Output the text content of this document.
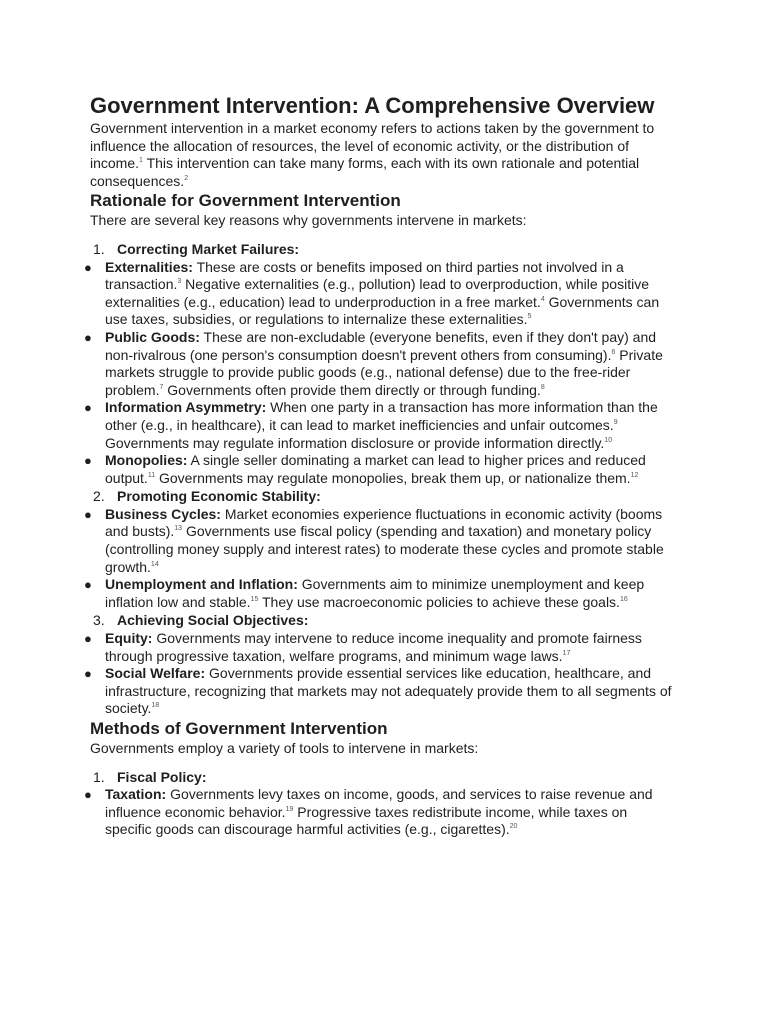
Government Intervention: A Comprehensive Overview

Government intervention in a market economy refers to actions taken by the government to influence the allocation of resources, the level of economic activity, or the distribution of income.$^1$ This intervention can take many forms, each with its own rationale and potential consequences.$^2$

Rationale for Government Intervention

There are several key reasons why governments intervene in markets:

1. Correcting Market Failures:
● Externalities: These are costs or benefits imposed on third parties not involved in a transaction.$^3$ Negative externalities (e.g., pollution) lead to overproduction, while positive externalities (e.g., education) lead to underproduction in a free market.$^4$ Governments can use taxes, subsidies, or regulations to internalize these externalities.$^5$
● Public Goods: These are non-excludable (everyone benefits, even if they don't pay) and non-rivalrous (one person's consumption doesn't prevent others from consuming).$^6$ Private markets struggle to provide public goods (e.g., national defense) due to the free-rider problem.$^7$ Governments often provide them directly or through funding.$^8$
● Information Asymmetry: When one party in a transaction has more information than the other (e.g., in healthcare), it can lead to market inefficiencies and unfair outcomes.$^9$ Governments may regulate information disclosure or provide information directly.$^{10}$
● Monopolies: A single seller dominating a market can lead to higher prices and reduced output.$^{11}$ Governments may regulate monopolies, break them up, or nationalize them.$^{12}$
2. Promoting Economic Stability:
● Business Cycles: Market economies experience fluctuations in economic activity (booms and busts).$^{13}$ Governments use fiscal policy (spending and taxation) and monetary policy (controlling money supply and interest rates) to moderate these cycles and promote stable growth.$^{14}$
● Unemployment and Inflation: Governments aim to minimize unemployment and keep inflation low and stable.$^{15}$ They use macroeconomic policies to achieve these goals.$^{16}$
3. Achieving Social Objectives:
● Equity: Governments may intervene to reduce income inequality and promote fairness through progressive taxation, welfare programs, and minimum wage laws.$^{17}$
● Social Welfare: Governments provide essential services like education, healthcare, and infrastructure, recognizing that markets may not adequately provide them to all segments of society.$^{18}$
Methods of Government Intervention

Governments employ a variety of tools to intervene in markets:

1. Fiscal Policy:
● Taxation: Governments levy taxes on income, goods, and services to raise revenue and influence economic behavior.$^{19}$ Progressive taxes redistribute income, while taxes on specific goods can discourage harmful activities (e.g., cigarettes).$^{20}$
